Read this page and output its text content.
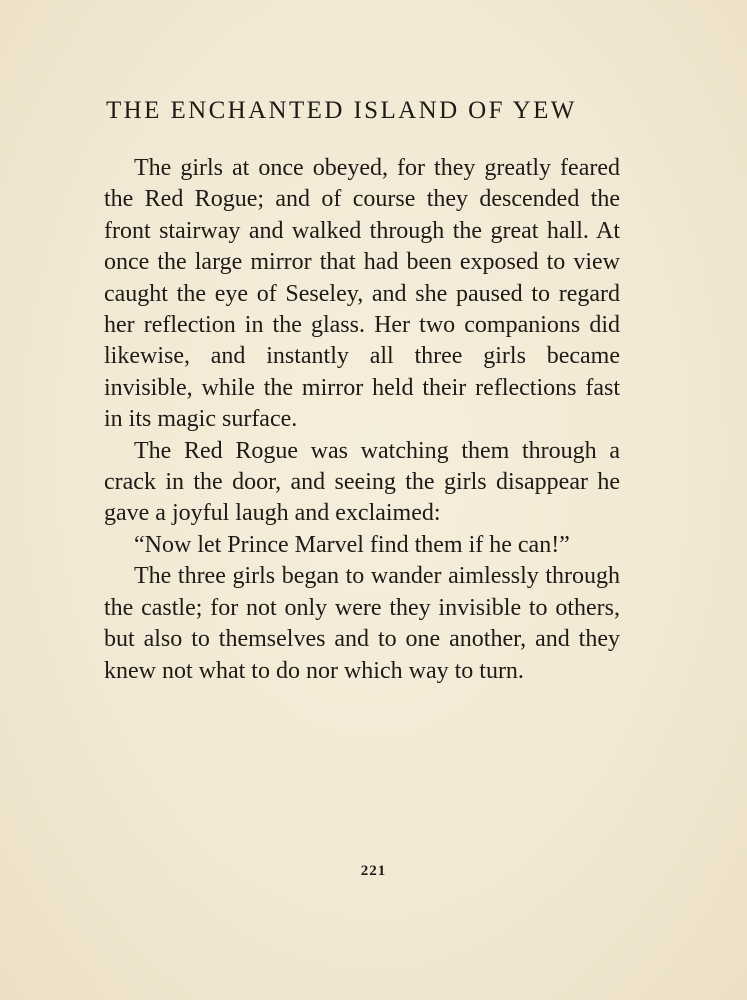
THE ENCHANTED ISLAND OF YEW

The girls at once obeyed, for they greatly feared the Red Rogue; and of course they descended the front stairway and walked through the great hall. At once the large mirror that had been exposed to view caught the eye of Seseley, and she paused to regard her reflection in the glass. Her two companions did likewise, and instantly all three girls became invisible, while the mirror held their reflections fast in its magic surface.

The Red Rogue was watching them through a crack in the door, and seeing the girls disappear he gave a joyful laugh and exclaimed:

“Now let Prince Marvel find them if he can!”

The three girls began to wander aimlessly through the castle; for not only were they invisible to others, but also to themselves and to one another, and they knew not what to do nor which way to turn.

221
